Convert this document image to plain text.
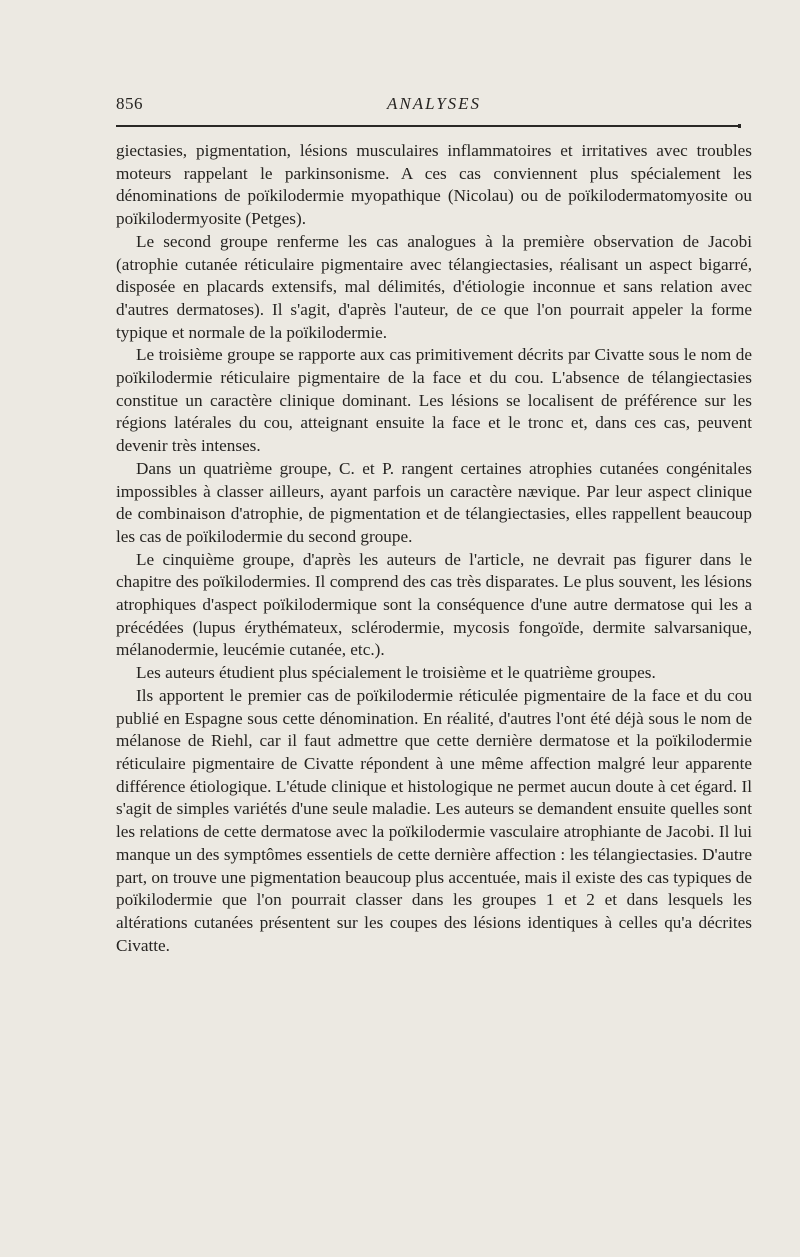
856	ANALYSES

giectasies, pigmentation, lésions musculaires inflammatoires et irritatives avec troubles moteurs rappelant le parkinsonisme. A ces cas conviennent plus spécialement les dénominations de poïkilodermie myopathique (Nicolau) ou de poïkilodermatomyosite ou poïkilodermyosite (Petges).

Le second groupe renferme les cas analogues à la première observation de Jacobi (atrophie cutanée réticulaire pigmentaire avec télangiectasies, réalisant un aspect bigarré, disposée en placards extensifs, mal délimités, d'étiologie inconnue et sans relation avec d'autres dermatoses). Il s'agit, d'après l'auteur, de ce que l'on pourrait appeler la forme typique et normale de la poïkilodermie.

Le troisième groupe se rapporte aux cas primitivement décrits par Civatte sous le nom de poïkilodermie réticulaire pigmentaire de la face et du cou. L'absence de télangiectasies constitue un caractère clinique dominant. Les lésions se localisent de préférence sur les régions latérales du cou, atteignant ensuite la face et le tronc et, dans ces cas, peuvent devenir très intenses.

Dans un quatrième groupe, C. et P. rangent certaines atrophies cutanées congénitales impossibles à classer ailleurs, ayant parfois un caractère nævique. Par leur aspect clinique de combinaison d'atrophie, de pigmentation et de télangiectasies, elles rappellent beaucoup les cas de poïkilodermie du second groupe.

Le cinquième groupe, d'après les auteurs de l'article, ne devrait pas figurer dans le chapitre des poïkilodermies. Il comprend des cas très disparates. Le plus souvent, les lésions atrophiques d'aspect poïkilodermique sont la conséquence d'une autre dermatose qui les a précédées (lupus érythémateux, sclérodermie, mycosis fongoïde, dermite salvarsanique, mélanodermie, leucémie cutanée, etc.).

Les auteurs étudient plus spécialement le troisième et le quatrième groupes.

Ils apportent le premier cas de poïkilodermie réticulée pigmentaire de la face et du cou publié en Espagne sous cette dénomination. En réalité, d'autres l'ont été déjà sous le nom de mélanose de Riehl, car il faut admettre que cette dernière dermatose et la poïkilodermie réticulaire pigmentaire de Civatte répondent à une même affection malgré leur apparente différence étiologique. L'étude clinique et histologique ne permet aucun doute à cet égard. Il s'agit de simples variétés d'une seule maladie. Les auteurs se demandent ensuite quelles sont les relations de cette dermatose avec la poïkilodermie vasculaire atrophiante de Jacobi. Il lui manque un des symptômes essentiels de cette dernière affection : les télangiectasies. D'autre part, on trouve une pigmentation beaucoup plus accentuée, mais il existe des cas typiques de poïkilodermie que l'on pourrait classer dans les groupes 1 et 2 et dans lesquels les altérations cutanées présentent sur les coupes des lésions identiques à celles qu'a décrites Civatte.
